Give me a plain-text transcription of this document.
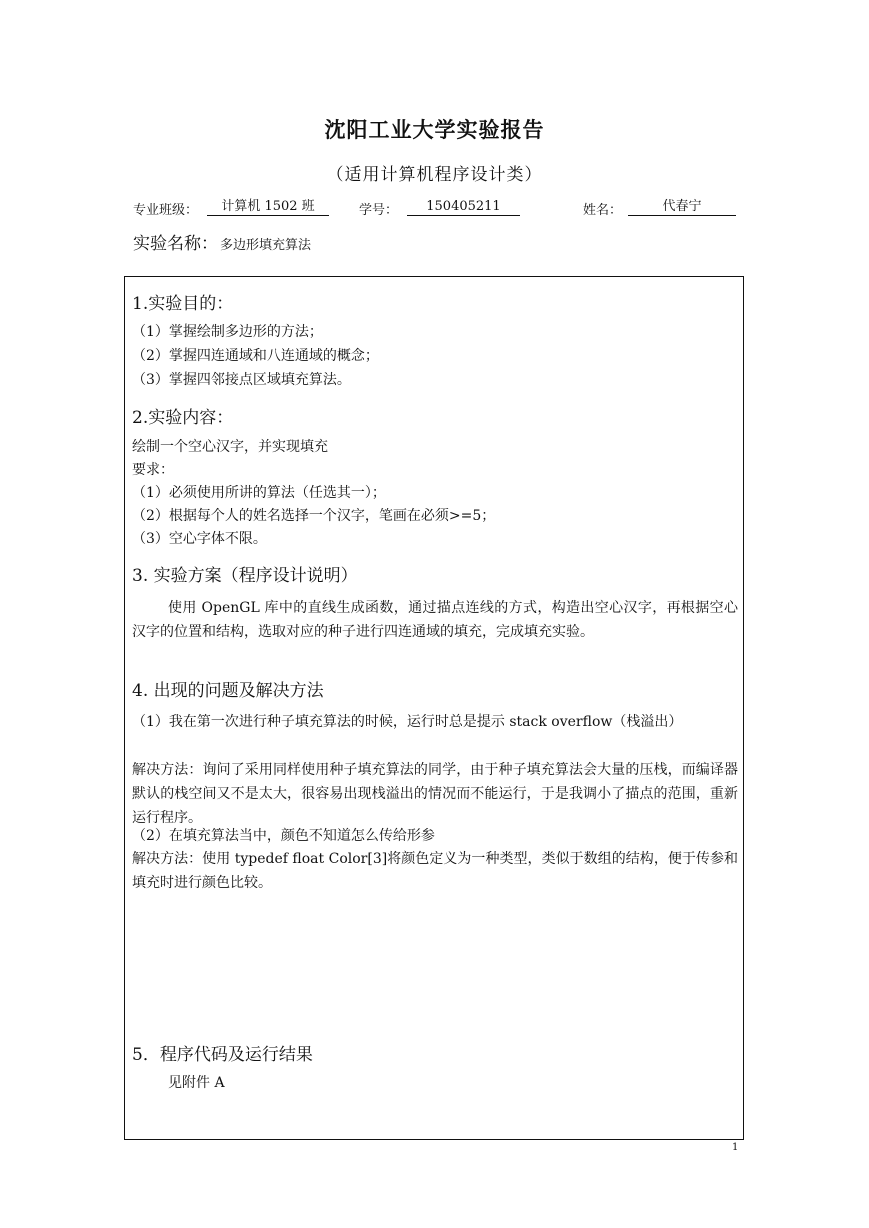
沈阳工业大学实验报告
（适用计算机程序设计类）
专业班级：	计算机 1502 班	学号：	150405211	姓名：	代春宁
实验名称： 多边形填充算法
1.实验目的：
（1）掌握绘制多边形的方法；
（2）掌握四连通域和八连通域的概念；
（3）掌握四邻接点区域填充算法。
2.实验内容：
绘制一个空心汉字，并实现填充
要求：
（1）必须使用所讲的算法（任选其一）；
（2）根据每个人的姓名选择一个汉字，笔画在必须>=5；
（3）空心字体不限。
3. 实验方案（程序设计说明）
使用 OpenGL 库中的直线生成函数，通过描点连线的方式，构造出空心汉字，再根据空心汉字的位置和结构，选取对应的种子进行四连通域的填充，完成填充实验。
4. 出现的问题及解决方法
（1）我在第一次进行种子填充算法的时候，运行时总是提示 stack overflow（栈溢出）
解决方法：询问了采用同样使用种子填充算法的同学，由于种子填充算法会大量的压栈，而编译器默认的栈空间又不是太大，很容易出现栈溢出的情况而不能运行，于是我调小了描点的范围，重新运行程序。
（2）在填充算法当中，颜色不知道怎么传给形参
解决方法：使用 typedef float Color[3]将颜色定义为一种类型，类似于数组的结构，便于传参和填充时进行颜色比较。
5．程序代码及运行结果
见附件 A
1
